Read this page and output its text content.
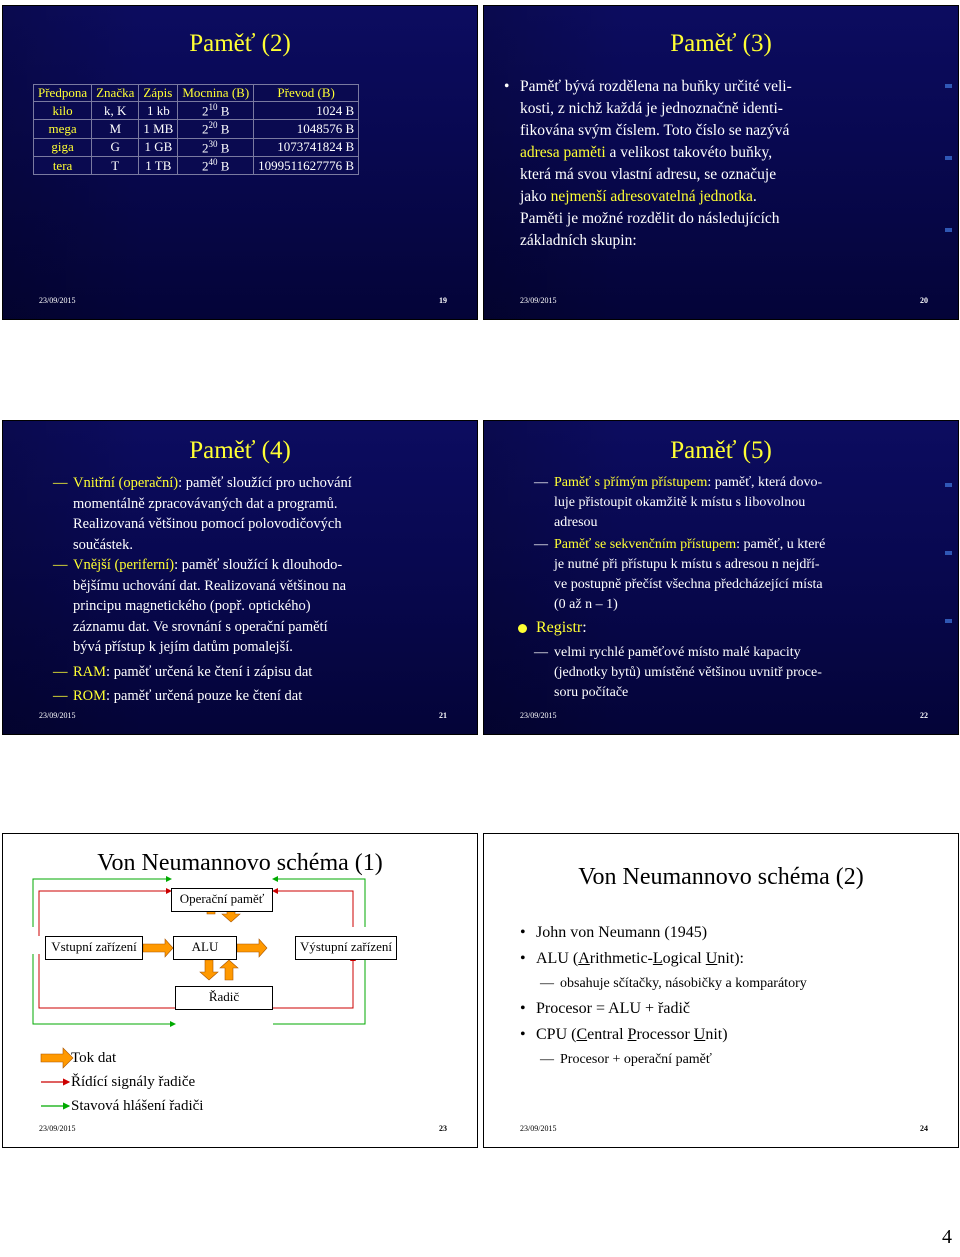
Paměť (2)
Předpona	Značka	Zápis	Mocnina (B)	Převod (B)
kilo	k, K	1 kb	$2^{10}$ B	1024 B
mega	M	1 MB	$2^{20}$ B	1048576 B
giga	G	1 GB	$2^{30}$ B	1073741824 B
tera	T	1 TB	$2^{40}$ B	1099511627776 B
23/09/2015	19
Paměť (3)
• Paměť bývá rozdělena na buňky určité veli-
kosti, z nichž každá je jednoznačně identi-
fikována svým číslem. Toto číslo se nazývá
adresa paměti a velikost takovéto buňky,
která má svou vlastní adresu, se označuje
jako nejmenší adresovatelná jednotka.
Paměti je možné rozdělit do následujících
základních skupin:
23/09/2015	20
Paměť (4)
— Vnitřní (operační): paměť sloužící pro uchování
momentálně zpracovávaných dat a programů.
Realizovaná většinou pomocí polovodičových
součástek.
— Vnější (periferní): paměť sloužící k dlouhodo-
bějšímu uchování dat. Realizovaná většinou na
principu magnetického (popř. optického)
záznamu dat. Ve srovnání s operační pamětí
bývá přístup k jejím datům pomalejší.
— RAM: paměť určená ke čtení i zápisu dat
— ROM: paměť určená pouze ke čtení dat
23/09/2015	21
Paměť (5)
— Paměť s přímým přístupem: paměť, která dovo-
luje přistoupit okamžitě k místu s libovolnou
adresou
— Paměť se sekvenčním přístupem: paměť, u které
je nutné při přístupu k místu s adresou n nejdří-
ve postupně přečíst všechna předcházející místa
(0 až n – 1)
Registr:
— velmi rychlé paměťové místo malé kapacity
(jednotky bytů) umístěné většinou uvnitř proce-
soru počítače
23/09/2015	22
Von Neumannovo schéma (1)
Operační paměť
Vstupní zařízení	ALU	Výstupní zařízení
Řadič
Tok dat
Řídící signály řadiče
Stavová hlášení řadiči
23/09/2015	23
Von Neumannovo schéma (2)
• John von Neumann (1945)
• ALU (Arithmetic-Logical Unit):
— obsahuje sčítačky, násobičky a komparátory
• Procesor = ALU + řadič
• CPU (Central Processor Unit)
— Procesor + operační paměť
23/09/2015	24
4
